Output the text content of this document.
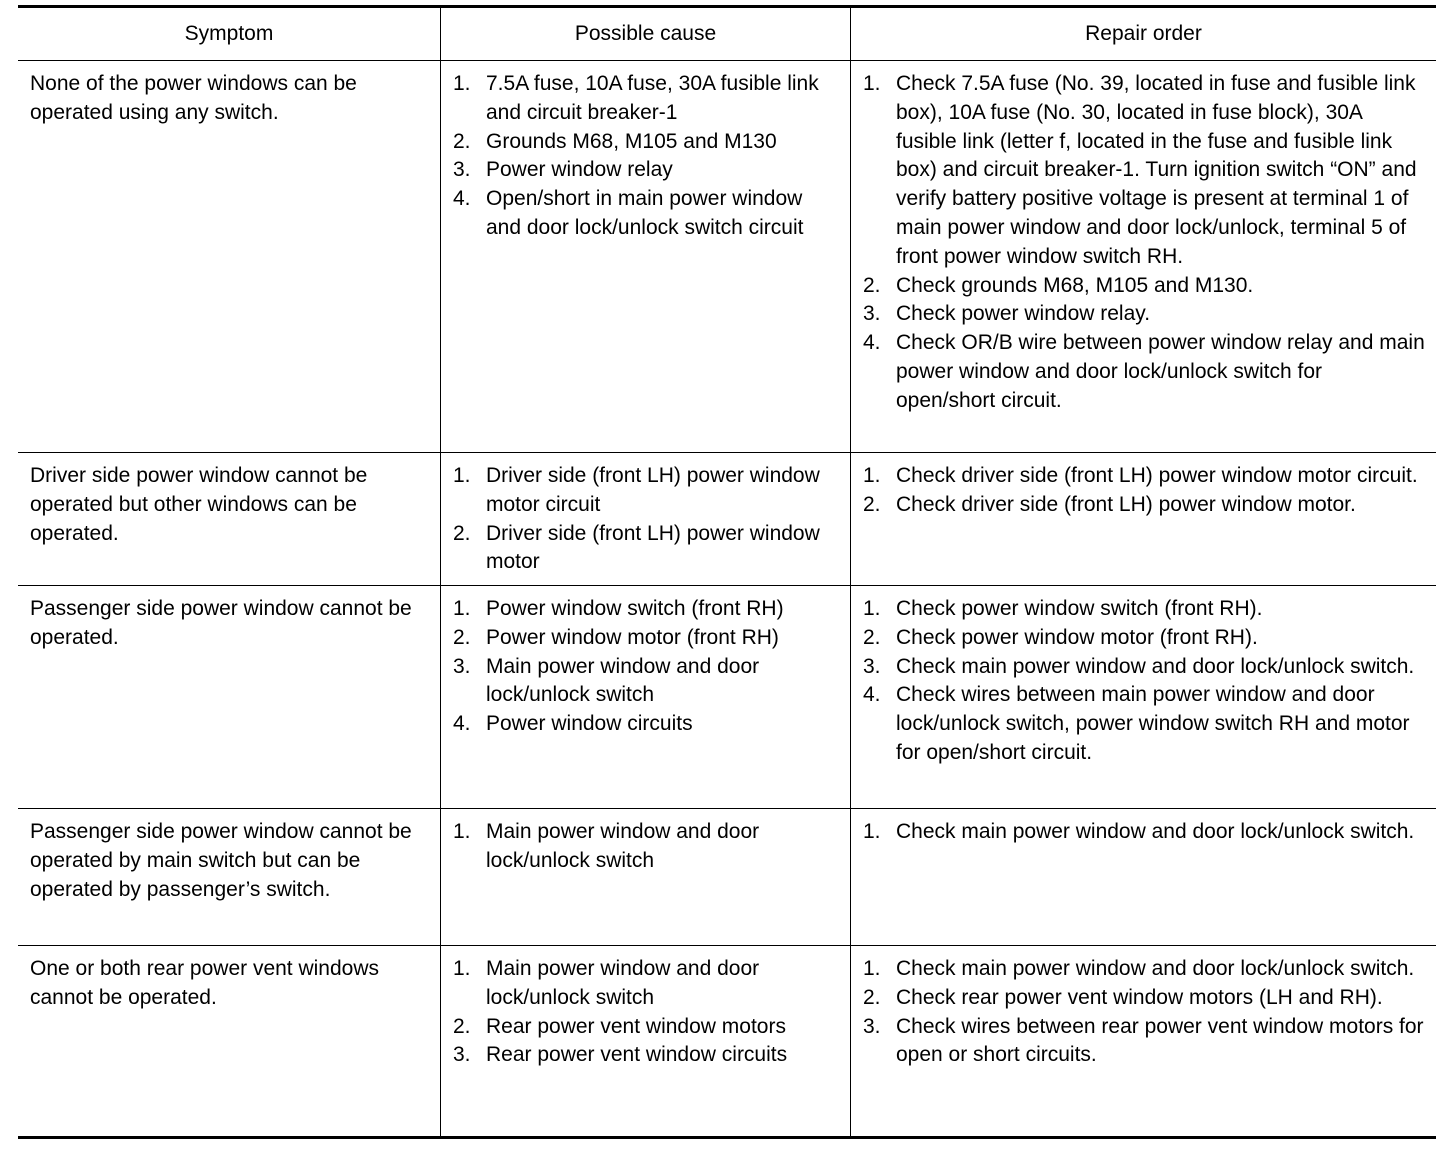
Symptom	Possible cause	Repair order
None of the power windows can be operated using any switch.
1. 7.5A fuse, 10A fuse, 30A fusible link and circuit breaker-1
2. Grounds M68, M105 and M130
3. Power window relay
4. Open/short in main power window and door lock/unlock switch circuit
1. Check 7.5A fuse (No. 39, located in fuse and fusible link box), 10A fuse (No. 30, located in fuse block), 30A fusible link (letter f, located in the fuse and fusible link box) and circuit breaker-1. Turn ignition switch “ON” and verify battery positive voltage is present at terminal 1 of main power window and door lock/unlock, terminal 5 of front power window switch RH.
2. Check grounds M68, M105 and M130.
3. Check power window relay.
4. Check OR/B wire between power window relay and main power window and door lock/unlock switch for open/short circuit.
Driver side power window cannot be operated but other windows can be operated.
1. Driver side (front LH) power window motor circuit
2. Driver side (front LH) power window motor
1. Check driver side (front LH) power window motor circuit.
2. Check driver side (front LH) power window motor.
Passenger side power window cannot be operated.
1. Power window switch (front RH)
2. Power window motor (front RH)
3. Main power window and door lock/unlock switch
4. Power window circuits
1. Check power window switch (front RH).
2. Check power window motor (front RH).
3. Check main power window and door lock/unlock switch.
4. Check wires between main power window and door lock/unlock switch, power window switch RH and motor for open/short circuit.
Passenger side power window cannot be operated by main switch but can be operated by passenger’s switch.
1. Main power window and door lock/unlock switch
1. Check main power window and door lock/unlock switch.
One or both rear power vent windows cannot be operated.
1. Main power window and door lock/unlock switch
2. Rear power vent window motors
3. Rear power vent window circuits
1. Check main power window and door lock/unlock switch.
2. Check rear power vent window motors (LH and RH).
3. Check wires between rear power vent window motors for open or short circuits.
